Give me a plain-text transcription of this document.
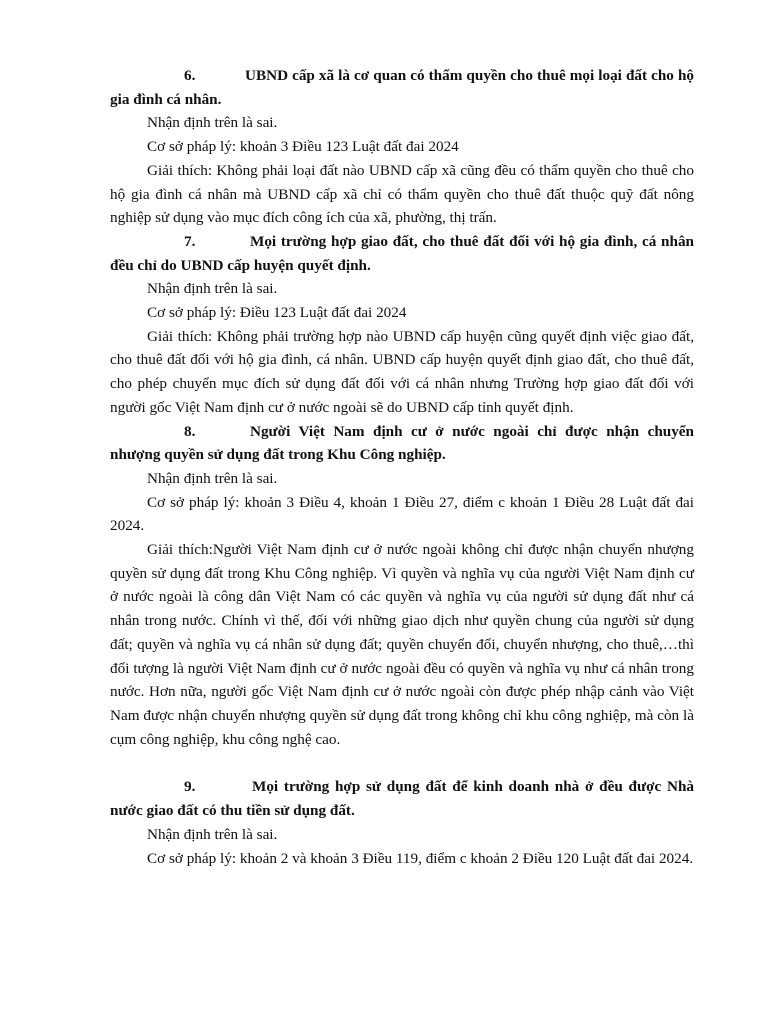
6.	UBND cấp xã là cơ quan có thẩm quyền cho thuê mọi loại đất cho hộ gia đình cá nhân.

Nhận định trên là sai.

Cơ sở pháp lý: khoản 3 Điều 123 Luật đất đai 2024

Giải thích: Không phải loại đất nào UBND cấp xã cũng đều có thẩm quyền cho thuê cho hộ gia đình cá nhân mà UBND cấp xã chỉ có thẩm quyền cho thuê đất thuộc quỹ đất nông nghiệp sử dụng vào mục đích công ích của xã, phường, thị trấn.

7.	Mọi trường hợp giao đất, cho thuê đất đối với hộ gia đình, cá nhân đều chỉ do UBND cấp huyện quyết định.

Nhận định trên là sai.

Cơ sở pháp lý: Điều 123 Luật đất đai 2024

Giải thích: Không phải trường hợp nào UBND cấp huyện cũng quyết định việc giao đất, cho thuê đất đối với hộ gia đình, cá nhân. UBND cấp huyện quyết định giao đất, cho thuê đất, cho phép chuyển mục đích sử dụng đất đối với cá nhân nhưng Trường hợp giao đất đối với người gốc Việt Nam định cư ở nước ngoài sẽ do UBND cấp tỉnh quyết định.

8.	Người Việt Nam định cư ở nước ngoài chỉ được nhận chuyển nhượng quyền sử dụng đất trong Khu Công nghiệp.

Nhận định trên là sai.

Cơ sở pháp lý: khoản 3 Điều 4, khoản 1 Điều 27, điểm c khoản 1 Điều 28 Luật đất đai 2024.

Giải thích:Người Việt Nam định cư ở nước ngoài không chỉ được nhận chuyển nhượng quyền sử dụng đất trong Khu Công nghiệp. Vì quyền và nghĩa vụ của người Việt Nam định cư ở nước ngoài là công dân Việt Nam có các quyền và nghĩa vụ của người sử dụng đất như cá nhân trong nước. Chính vì thế, đối với những giao dịch như quyền chung của người sử dụng đất; quyền và nghĩa vụ cá nhân sử dụng đất; quyền chuyển đổi, chuyển nhượng, cho thuê,…thì đối tượng là người Việt Nam định cư ở nước ngoài đều có quyền và nghĩa vụ như cá nhân trong nước. Hơn nữa, người gốc Việt Nam định cư ở nước ngoài còn được phép nhập cảnh vào Việt Nam được nhận chuyển nhượng quyền sử dụng đất trong không chỉ khu công nghiệp, mà còn là cụm công nghiệp, khu công nghệ cao.

9.	Mọi trường hợp sử dụng đất để kinh doanh nhà ở đều được Nhà nước giao đất có thu tiền sử dụng đất.

Nhận định trên là sai.

Cơ sở pháp lý: khoản 2 và khoản 3 Điều 119, điểm c khoản 2 Điều 120 Luật đất đai 2024.
